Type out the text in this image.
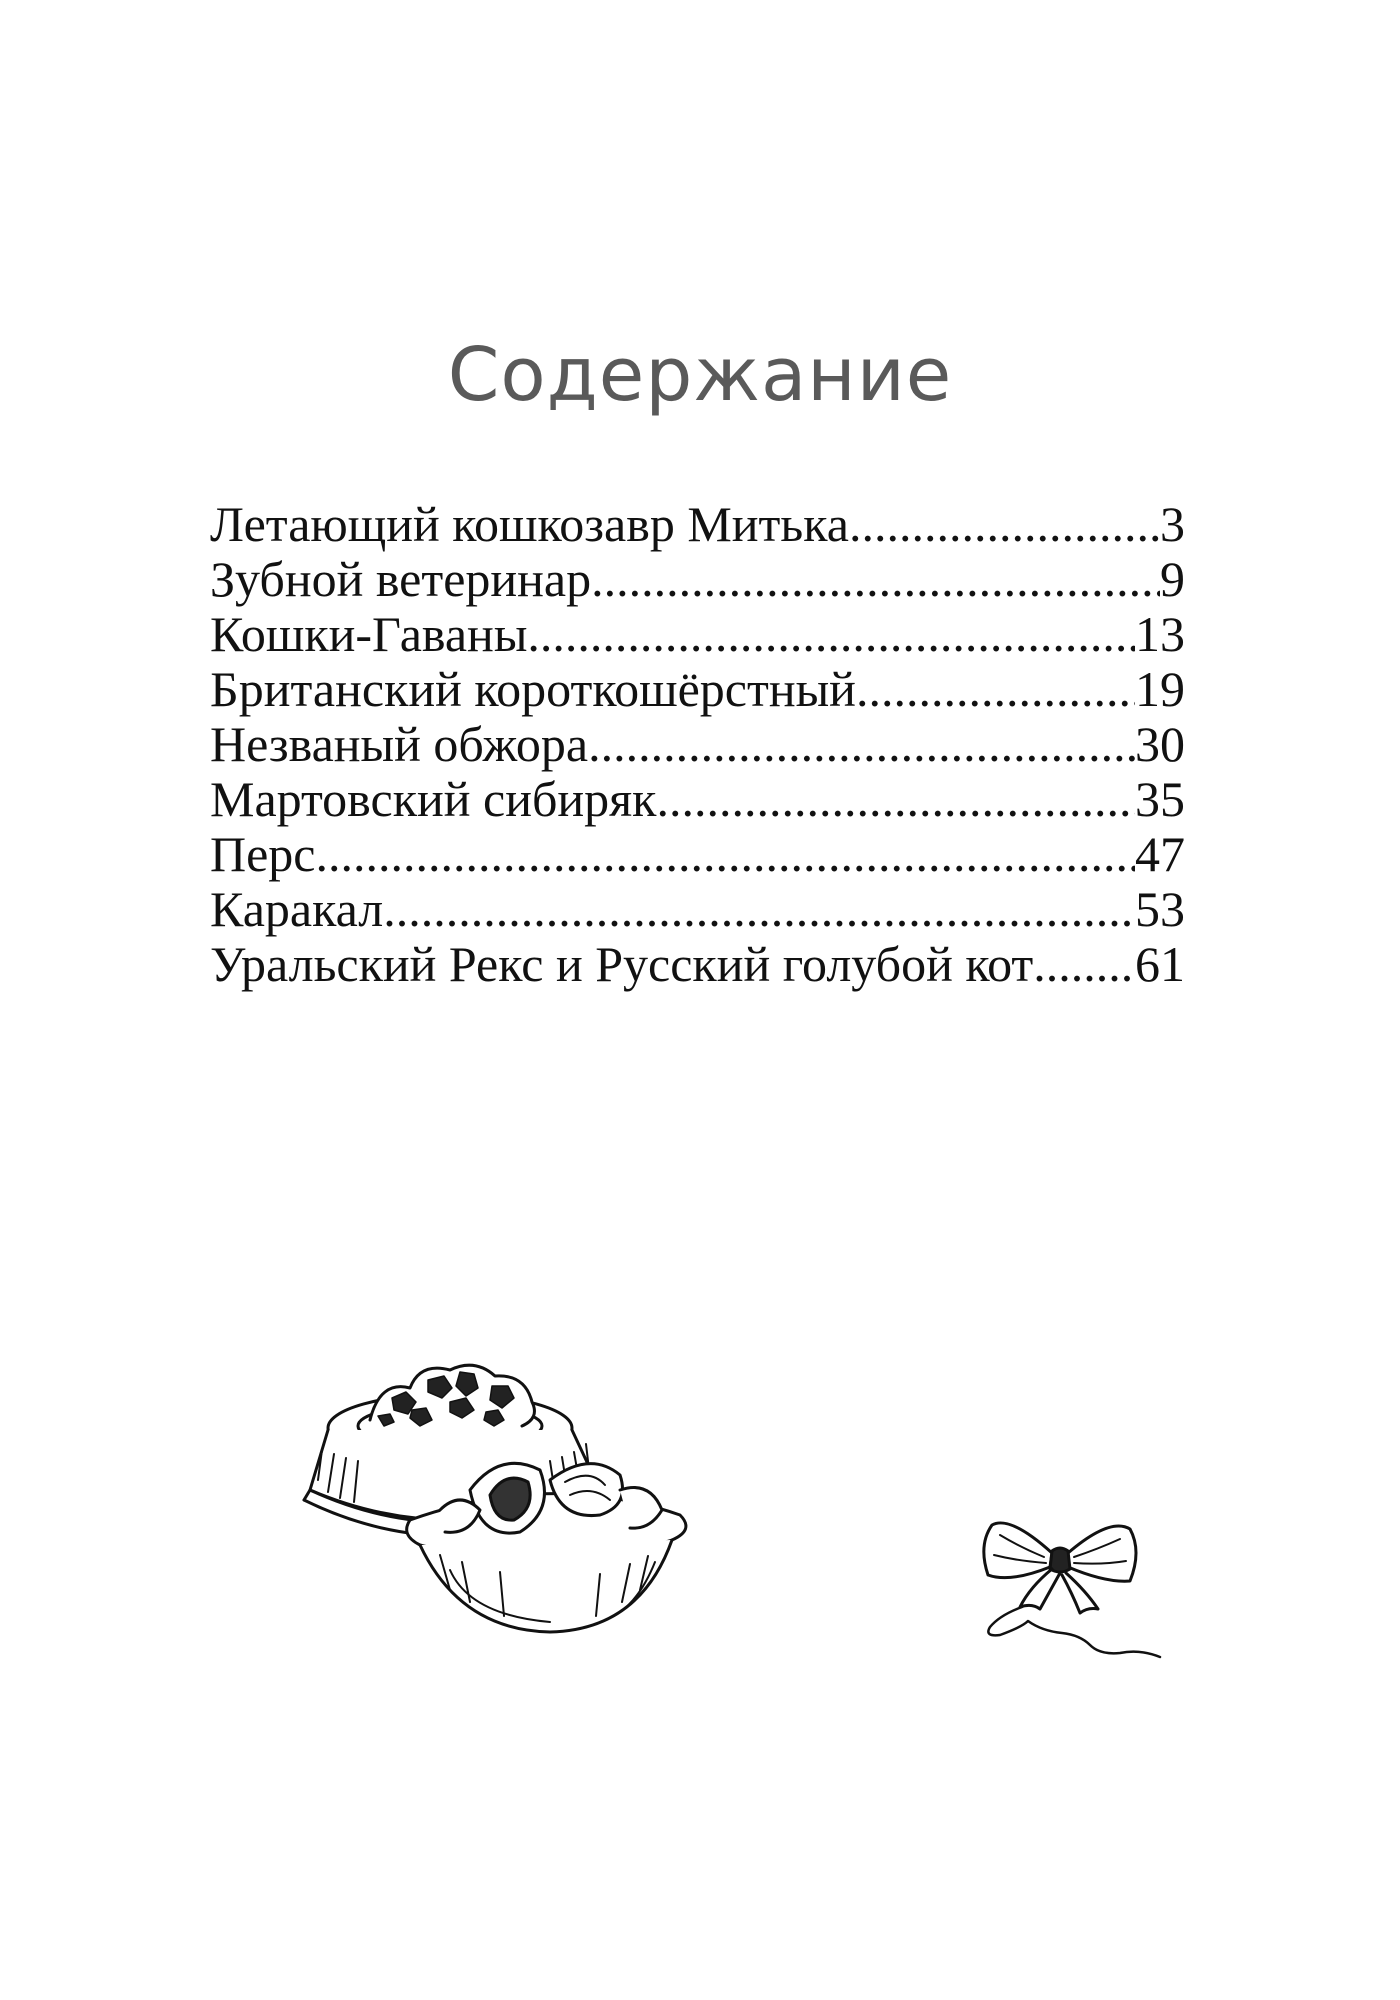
Содержание
Летающий кошкозавр Митька .....	3
Зубной ветеринар .....	9
Кошки-Гаваны .....	13
Британский короткошёрстный .....	19
Незваный обжора .....	30
Мартовский сибиряк .....	35
Перс .....	47
Каракал .....	53
Уральский Рекс и Русский голубой кот ..... 61
